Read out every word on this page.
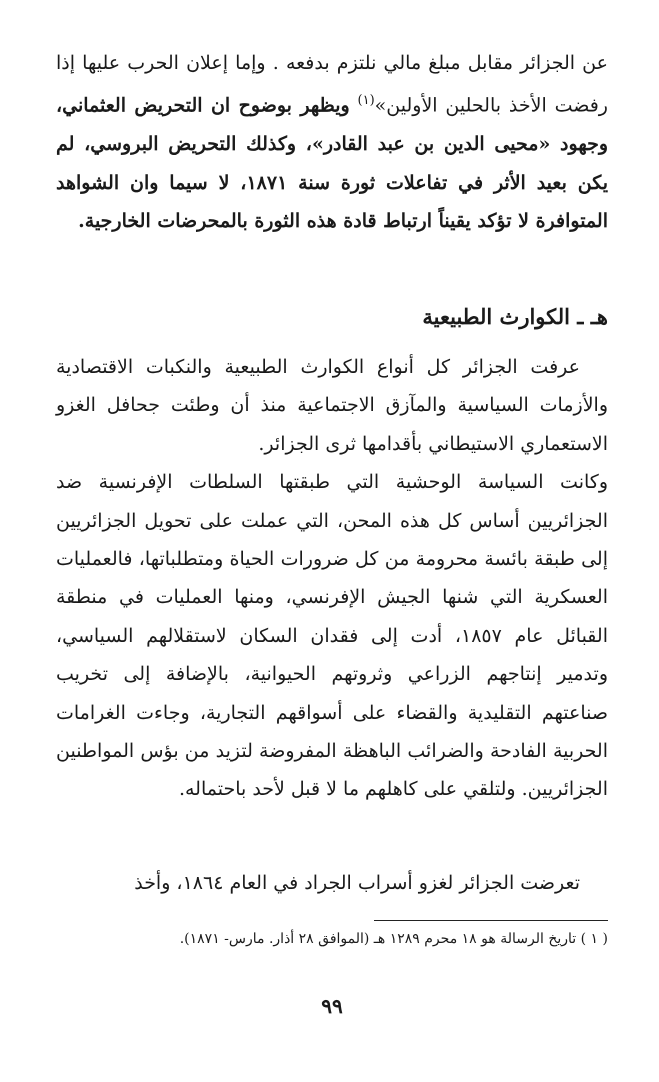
عن الجزائر مقابل مبلغ مالي نلتزم بدفعه . وإما إعلان الحرب عليها إذا رفضت الأخذ بالحلين الأولين»$^{(١)}$ ويظهر بوضوح ان التحريض العثماني، وجهود «محيى الدين بن عبد القادر»، وكذلك التحريض البروسي، لم يكن بعيد الأثر في تفاعلات ثورة سنة ١٨٧١، لا سيما وان الشواهد المتوافرة لا تؤكد يقيناً ارتباط قادة هذه الثورة بالمحرضات الخارجية.

هـ ـ الكوارث الطبيعية

عرفت الجزائر كل أنواع الكوارث الطبيعية والنكبات الاقتصادية والأزمات السياسية والمآزق الاجتماعية منذ أن وطئت جحافل الغزو الاستعماري الاستيطاني بأقدامها ثرى الجزائر.

وكانت السياسة الوحشية التي طبقتها السلطات الإفرنسية ضد الجزائريين أساس كل هذه المحن، التي عملت على تحويل الجزائريين إلى طبقة بائسة محرومة من كل ضرورات الحياة ومتطلباتها، فالعمليات العسكرية التي شنها الجيش الإفرنسي، ومنها العمليات في منطقة القبائل عام ١٨٥٧، أدت إلى فقدان السكان لاستقلالهم السياسي، وتدمير إنتاجهم الزراعي وثروتهم الحيوانية، بالإضافة إلى تخريب صناعتهم التقليدية والقضاء على أسواقهم التجارية، وجاءت الغرامات الحربية الفادحة والضرائب الباهظة المفروضة لتزيد من بؤس المواطنين الجزائريين. ولتلقي على كاهلهم ما لا قبل لأحد باحتماله.

تعرضت الجزائر لغزو أسراب الجراد في العام ١٨٦٤، وأخذ

( ١ ) تاريخ الرسالة هو ١٨ محرم ١٢٨٩ هـ (الموافق ٢٨ أذار. مارس- ١٨٧١).

٩٩
